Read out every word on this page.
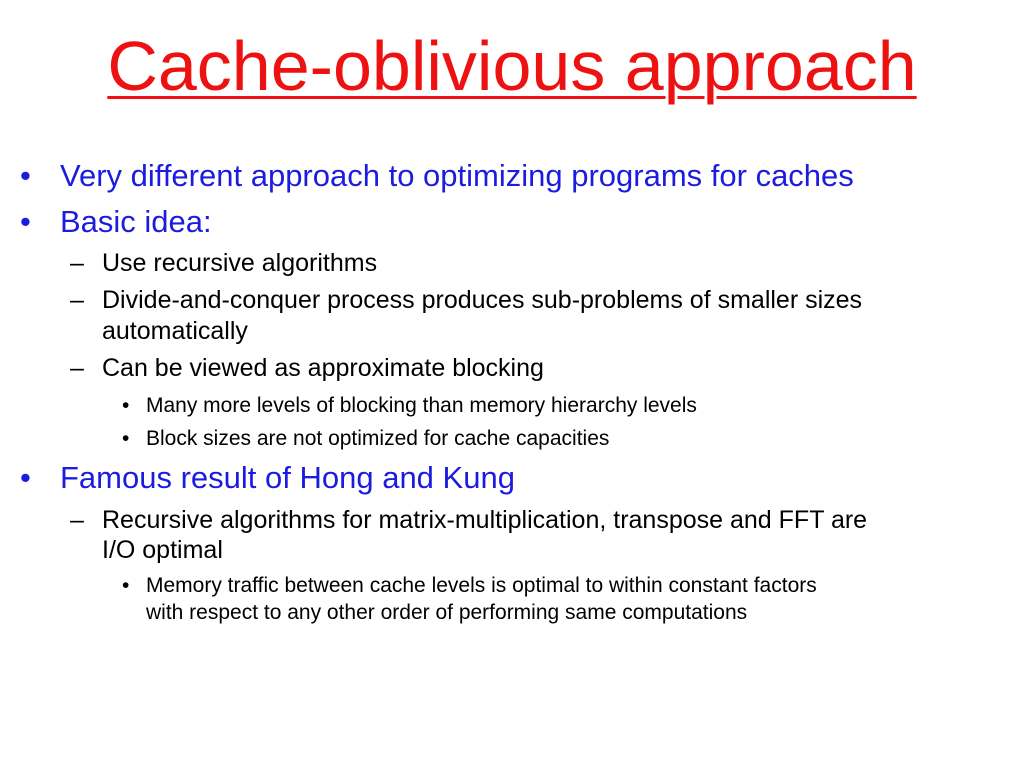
Cache-oblivious approach
• Very different approach to optimizing programs for caches
• Basic idea:
– Use recursive algorithms
– Divide-and-conquer process produces sub-problems of smaller sizes
automatically
– Can be viewed as approximate blocking
• Many more levels of blocking than memory hierarchy levels
• Block sizes are not optimized for cache capacities
• Famous result of Hong and Kung
– Recursive algorithms for matrix-multiplication, transpose and FFT are
I/O optimal
• Memory traffic between cache levels is optimal to within constant factors
with respect to any other order of performing same computations
